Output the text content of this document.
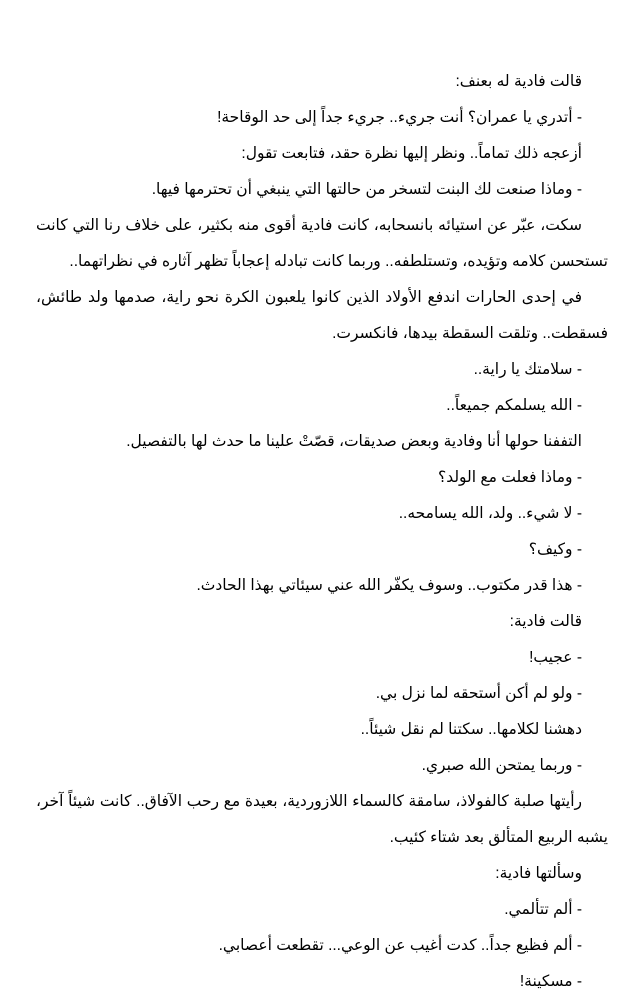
قالت فادية له بعنف:
- أتدري يا عمران؟ أنت جريء.. جريء جداً إلى حد الوقاحة!
أزعجه ذلك تماماً.. ونظر إليها نظرة حقد، فتابعت تقول:
- وماذا صنعت لك البنت لتسخر من حالتها التي ينبغي أن تحترمها فيها.
سكت، عبّر عن استيائه بانسحابه، كانت فادية أقوى منه بكثير، على خلاف رنا التي كانت
تستحسن كلامه وتؤيده، وتستلطفه.. وربما كانت تبادله إعجاباً تظهر آثاره في نظراتهما..
في إحدى الحارات اندفع الأولاد الذين كانوا يلعبون الكرة نحو راية، صدمها ولد طائش،
فسقطت.. وتلقت السقطة بيدها، فانكسرت.
- سلامتك يا راية..
- الله يسلمكم جميعاً..
التففنا حولها أنا وفادية وبعض صديقات، قصّتْ علينا ما حدث لها بالتفصيل.
- وماذا فعلت مع الولد؟
- لا شيء.. ولد، الله يسامحه..
- وكيف؟
- هذا قدر مكتوب.. وسوف يكفّر الله عني سيئاتي بهذا الحادث.
قالت فادية:
- عجيب!
- ولو لم أكن أستحقه لما نزل بي.
دهشنا لكلامها.. سكتنا لم نقل شيئاً..
- وربما يمتحن الله صبري.
رأيتها صلبة كالفولاذ، سامقة كالسماء اللازوردية، بعيدة مع رحب الآفاق.. كانت شيئاً آخر،
يشبه الربيع المتألق بعد شتاء كئيب.
وسألتها فادية:
- ألم تتألمي.
- ألم فظيع جداً.. كدت أغيب عن الوعي... تقطعت أعصابي.
- مسكينة!
